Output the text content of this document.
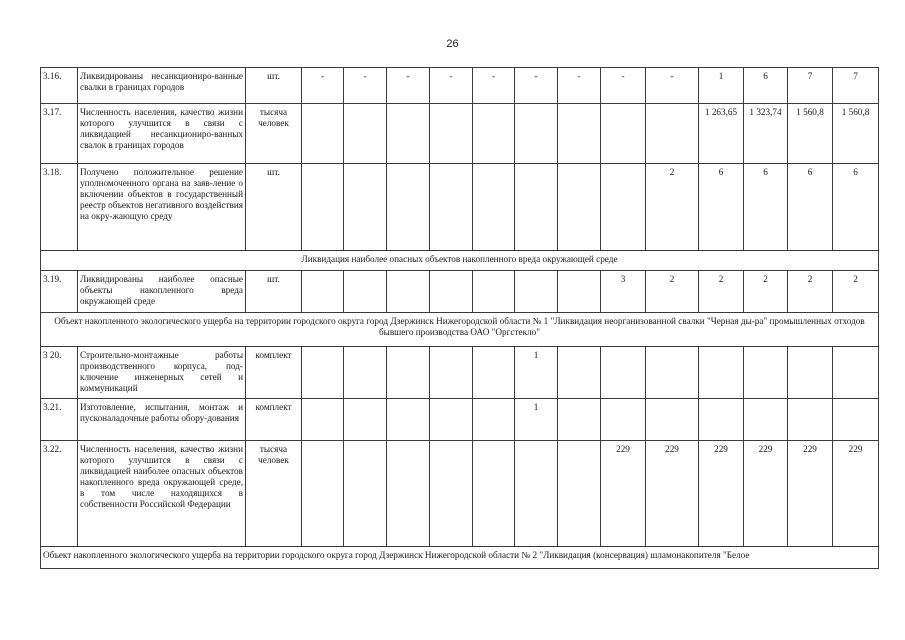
26
3.16.	Ликвидированы несанкциониро-ванные свалки в границах городов	шт.	-	-	-	-	-	-	-	-	-	1	6	7	7
3.17.	Численность населения, качество жизни которого улучшится в связи с ликвидацией несанкциониро-ванных свалок в границах городов	тысяча человек										1 263,65	1 323,74	1 560,8	1 560,8
3.18.	Получено положительное решение уполномоченного органа на заяв-ление о включении объектов в государственный реестр объектов негативного воздействия на окру-жающую среду	шт.									2	6	6	6	6
Ликвидация наиболее опасных объектов накопленного вреда окружающей среде															
3.19.	Ликвидированы наиболее опасные объекты накопленного вреда окружающей среде	шт.								3	2	2	2	2	2
Объект накопленного экологического ущерба на территории городского округа город Дзержинск Нижегородской области № 1 "Ликвидация неорганизованной свалки "Черная ды-ра" промышленных отходов бывшего производства ОАО "Оргстекло"															
3 20.	Строительно-монтажные работы производственного корпуса, под-ключение инженерных сетей и коммуникаций	комплект						1							
3.21.	Изготовление, испытания, монтаж и пусконаладочные работы обору-дования	комплект						1							
3.22.	Численность населения, качество жизни которого улучшится в связи с ликвидацией наиболее опасных объектов накопленного вреда окружающей среде, в том числе находящихся в собственности Российской Федерации	тысяча человек								229	229	229	229	229	229
Объект накопленного экологического ущерба на территории городского округа город Дзержинск Нижегородской области № 2 "Ликвидация (консервация) шламонакопителя "Белое															
